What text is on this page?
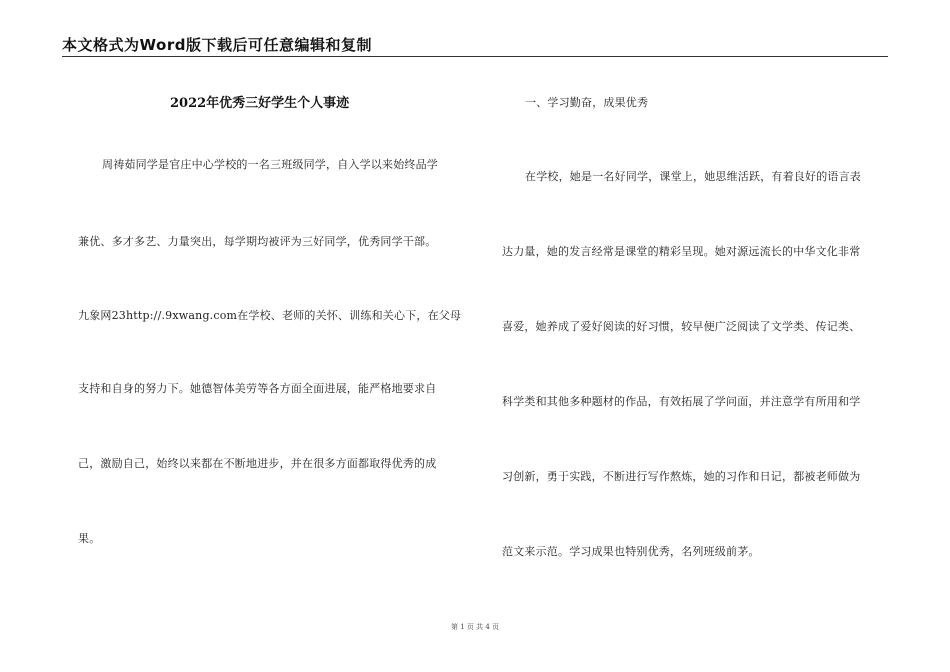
本文格式为Word版下载后可任意编辑和复制
2022年优秀三好学生个人事迹
周祷茹同学是官庄中心学校的一名三班级同学，自入学以来始终品学
兼优、多才多艺、力量突出，每学期均被评为三好同学，优秀同学干部。
九象网23http://.9xwang.com在学校、老师的关怀、训练和关心下，在父母
支持和自身的努力下。她德智体美劳等各方面全面进展，能严格地要求自
己，激励自己，始终以来都在不断地进步，并在很多方面都取得优秀的成
果。
一、学习勤奋，成果优秀
在学校，她是一名好同学，课堂上，她思维活跃，有着良好的语言表
达力量，她的发言经常是课堂的精彩呈现。她对源远流长的中华文化非常
喜爱，她养成了爱好阅读的好习惯，较早便广泛阅读了文学类、传记类、
科学类和其他多种题材的作品，有效拓展了学问面，并注意学有所用和学
习创新，勇于实践，不断进行写作熬炼，她的习作和日记，都被老师做为
范文来示范。学习成果也特别优秀，名列班级前茅。
第 1 页 共 4 页
